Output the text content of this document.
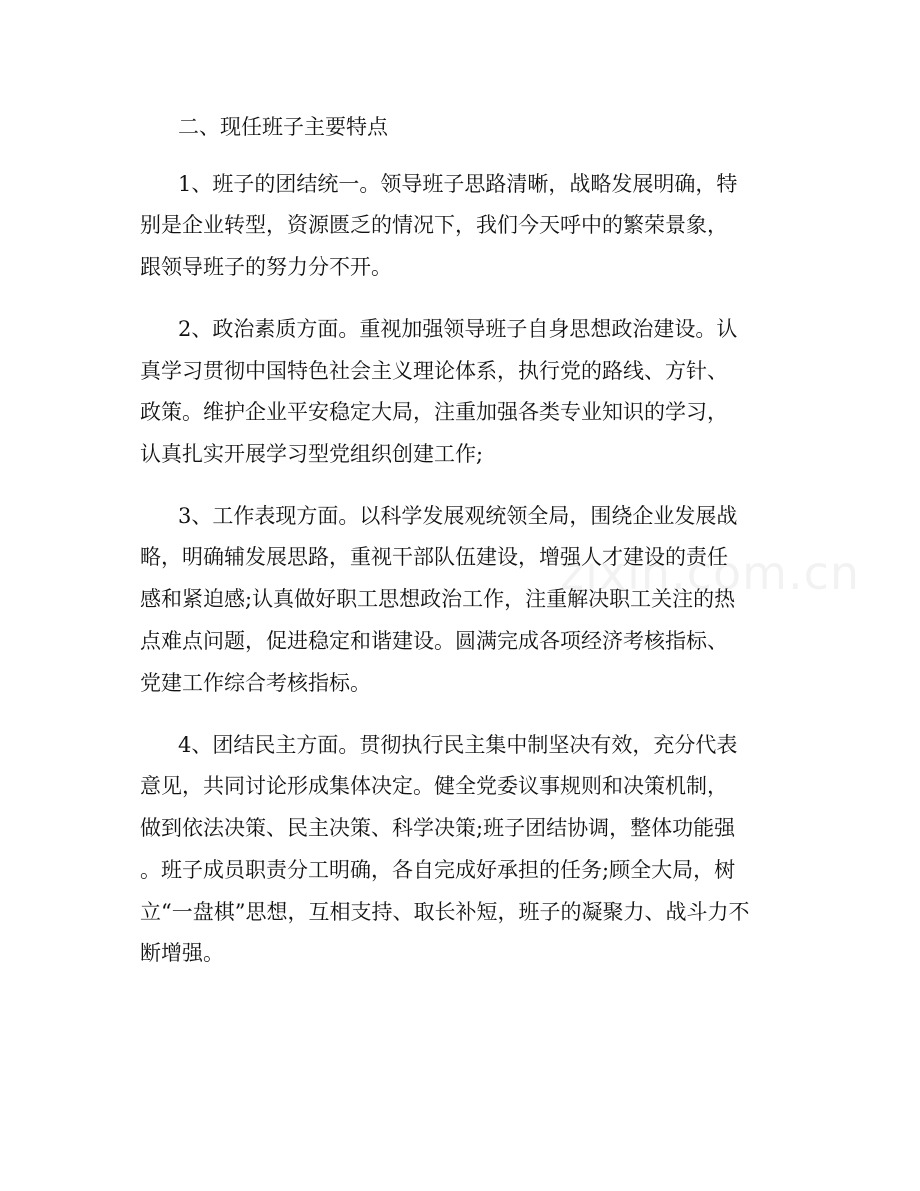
二、现任班子主要特点
1、班子的团结统一。领导班子思路清晰，战略发展明确，特
别是企业转型，资源匮乏的情况下，我们今天呼中的繁荣景象，
跟领导班子的努力分不开。
2、政治素质方面。重视加强领导班子自身思想政治建设。认
真学习贯彻中国特色社会主义理论体系，执行党的路线、方针、
政策。维护企业平安稳定大局，注重加强各类专业知识的学习，
认真扎实开展学习型党组织创建工作;
3、工作表现方面。以科学发展观统领全局，围绕企业发展战
略，明确辅发展思路，重视干部队伍建设，增强人才建设的责任
感和紧迫感;认真做好职工思想政治工作，注重解决职工关注的热
点难点问题，促进稳定和谐建设。圆满完成各项经济考核指标、
党建工作综合考核指标。
4、团结民主方面。贯彻执行民主集中制坚决有效，充分代表
意见，共同讨论形成集体决定。健全党委议事规则和决策机制，
做到依法决策、民主决策、科学决策;班子团结协调，整体功能强
。班子成员职责分工明确，各自完成好承担的任务;顾全大局，树
立“一盘棋”思想，互相支持、取长补短，班子的凝聚力、战斗力不
断增强。
zixin.com.cn
